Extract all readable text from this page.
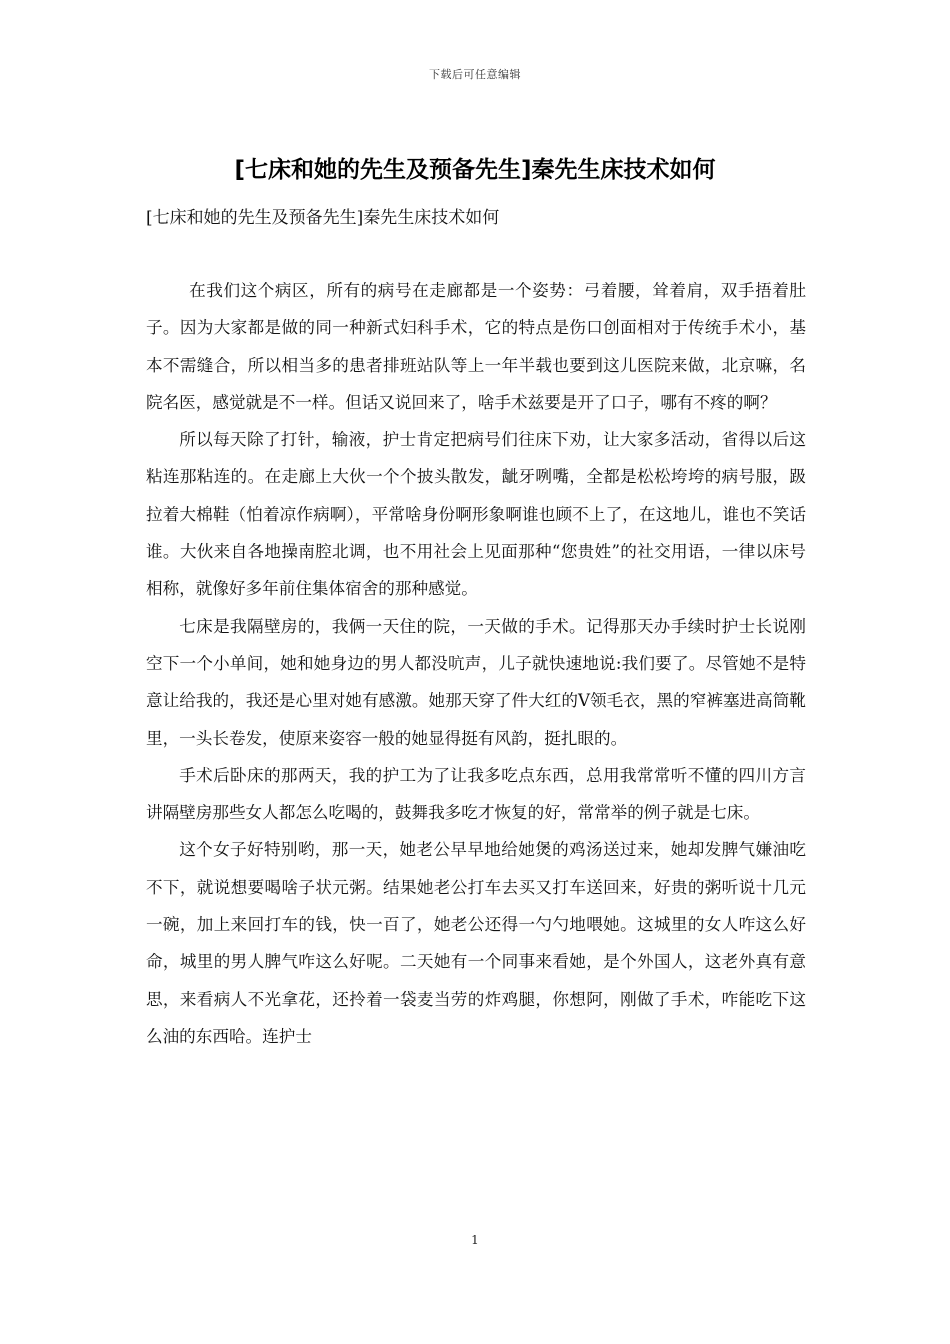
下载后可任意编辑
[七床和她的先生及预备先生]秦先生床技术如何
[七床和她的先生及预备先生]秦先生床技术如何

在我们这个病区，所有的病号在走廊都是一个姿势：弓着腰，耸着肩，双手捂着肚子。因为大家都是做的同一种新式妇科手术，它的特点是伤口创面相对于传统手术小，基本不需缝合，所以相当多的患者排班站队等上一年半载也要到这儿医院来做，北京嘛，名院名医，感觉就是不一样。但话又说回来了，啥手术兹要是开了口子，哪有不疼的啊？

所以每天除了打针，输液，护士肯定把病号们往床下劝，让大家多活动，省得以后这粘连那粘连的。在走廊上大伙一个个披头散发，龇牙咧嘴，全都是松松垮垮的病号服，趿拉着大棉鞋（怕着凉作病啊），平常啥身份啊形象啊谁也顾不上了，在这地儿，谁也不笑话谁。大伙来自各地操南腔北调，也不用社会上见面那种“您贵姓”的社交用语，一律以床号相称，就像好多年前住集体宿舍的那种感觉。

七床是我隔壁房的，我俩一天住的院，一天做的手术。记得那天办手续时护士长说刚空下一个小单间，她和她身边的男人都没吭声，儿子就快速地说:我们要了。尽管她不是特意让给我的，我还是心里对她有感激。她那天穿了件大红的V领毛衣，黑的窄裤塞进高筒靴里，一头长卷发，使原来姿容一般的她显得挺有风韵，挺扎眼的。

手术后卧床的那两天，我的护工为了让我多吃点东西，总用我常常听不懂的四川方言讲隔壁房那些女人都怎么吃喝的，鼓舞我多吃才恢复的好，常常举的例子就是七床。

这个女子好特别哟，那一天，她老公早早地给她煲的鸡汤送过来，她却发脾气嫌油吃不下，就说想要喝啥子状元粥。结果她老公打车去买又打车送回来，好贵的粥听说十几元一碗，加上来回打车的钱，快一百了，她老公还得一勺勺地喂她。这城里的女人咋这么好命，城里的男人脾气咋这么好呢。二天她有一个同事来看她，是个外国人，这老外真有意思，来看病人不光拿花，还拎着一袋麦当劳的炸鸡腿，你想阿，刚做了手术，咋能吃下这么油的东西哈。连护士

1
